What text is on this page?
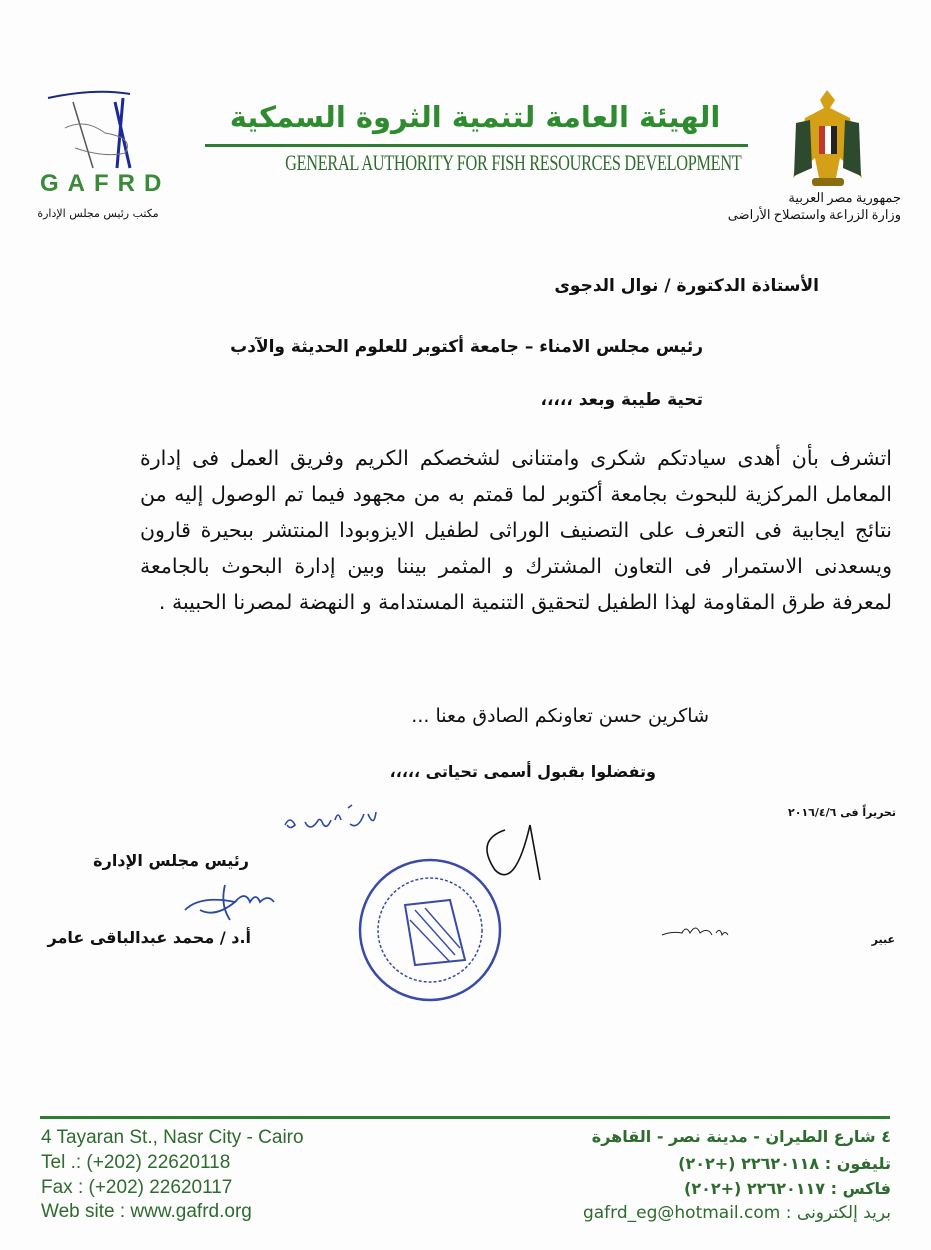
GAFRD
مكتب رئيس مجلس الإدارة
الهيئة العامة لتنمية الثروة السمكية
GENERAL AUTHORITY FOR FISH RESOURCES DEVELOPMENT
جمهورية مصر العربية
وزارة الزراعة واستصلاح الأراضى
الأستاذة الدكتورة / نوال الدجوى
رئيس مجلس الامناء – جامعة أكتوبر للعلوم الحديثة والآدب
تحية طيبة وبعد ،،،،،
اتشرف بأن أهدى سيادتكم شكرى وامتنانى لشخصكم الكريم وفريق العمل فى إدارة المعامل المركزية للبحوث بجامعة أكتوبر لما قمتم به من مجهود فيما تم الوصول إليه من نتائج ايجابية فى التعرف على التصنيف الوراثى لطفيل الايزوبودا المنتشر ببحيرة قارون ويسعدنى الاستمرار فى التعاون المشترك و المثمر بيننا وبين إدارة البحوث بالجامعة لمعرفة طرق المقاومة لهذا الطفيل لتحقيق التنمية المستدامة و النهضة لمصرنا الحبيبة .
شاكرين حسن تعاونكم الصادق معنا ...
وتفضلوا بقبول أسمى تحياتى ،،،،،
تحريراً فى ٢٠١٦/٤/٦
رئيس مجلس الإدارة
أ.د / محمد عبدالباقى عامر	عبير
4 Tayaran St., Nasr City - Cairo
Tel .: (+202) 22620118
Fax : (+202) 22620117
Web site : www.gafrd.org
٤ شارع الطيران - مدينة نصر - القاهرة
تليفون : ٢٢٦٢٠١١٨ (+٢٠٢)
فاكس : ٢٢٦٢٠١١٧ (+٢٠٢)
بريد إلكترونى : gafrd_eg@hotmail.com
